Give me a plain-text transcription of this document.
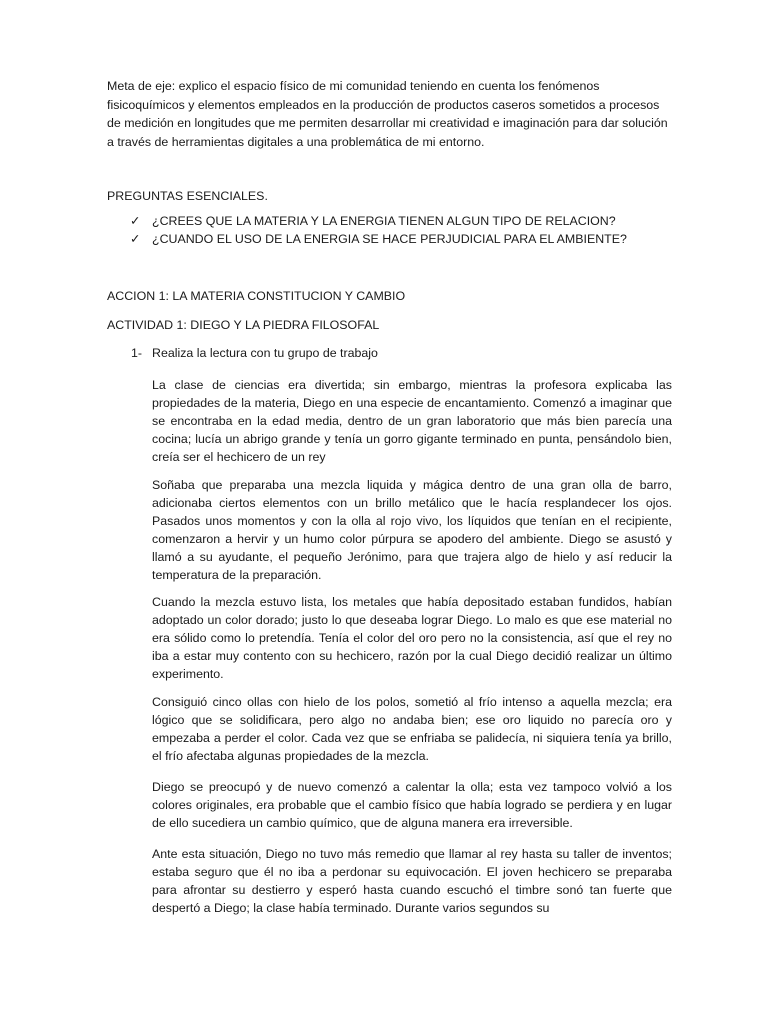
Meta de eje: explico el espacio físico de mi comunidad teniendo en cuenta los fenómenos fisicoquímicos y elementos empleados en la producción de productos caseros sometidos a procesos de medición en longitudes que me permiten desarrollar mi creatividad e imaginación para dar solución a través de herramientas digitales a una problemática de mi entorno.
PREGUNTAS ESENCIALES.
✓ ¿CREES QUE LA MATERIA Y LA ENERGIA TIENEN ALGUN TIPO DE RELACION?
✓ ¿CUANDO EL USO DE LA ENERGIA SE HACE PERJUDICIAL PARA EL AMBIENTE?
ACCION 1: LA MATERIA CONSTITUCION Y CAMBIO
ACTIVIDAD 1: DIEGO Y LA PIEDRA FILOSOFAL
1- Realiza la lectura con tu grupo de trabajo

La clase de ciencias era divertida; sin embargo, mientras la profesora explicaba las propiedades de la materia, Diego en una especie de encantamiento. Comenzó a imaginar que se encontraba en la edad media, dentro de un gran laboratorio que más bien parecía una cocina; lucía un abrigo grande y tenía un gorro gigante terminado en punta, pensándolo bien, creía ser el hechicero de un rey

Soñaba que preparaba una mezcla liquida y mágica dentro de una gran olla de barro, adicionaba ciertos elementos con un brillo metálico que le hacía resplandecer los ojos. Pasados unos momentos y con la olla al rojo vivo, los líquidos que tenían en el recipiente, comenzaron a hervir y un humo color púrpura se apodero del ambiente. Diego se asustó y llamó a su ayudante, el pequeño Jerónimo, para que trajera algo de hielo y así reducir la temperatura de la preparación.

Cuando la mezcla estuvo lista, los metales que había depositado estaban fundidos, habían adoptado un color dorado; justo lo que deseaba lograr Diego. Lo malo es que ese material no era sólido como lo pretendía. Tenía el color del oro pero no la consistencia, así que el rey no iba a estar muy contento con su hechicero, razón por la cual Diego decidió realizar un último experimento.

Consiguió cinco ollas con hielo de los polos, sometió al frío intenso a aquella mezcla; era lógico que se solidificara, pero algo no andaba bien; ese oro liquido no parecía oro y empezaba a perder el color. Cada vez que se enfriaba se palidecía, ni siquiera tenía ya brillo, el frío afectaba algunas propiedades de la mezcla.

Diego se preocupó y de nuevo comenzó a calentar la olla; esta vez tampoco volvió a los colores originales, era probable que el cambio físico que había logrado se perdiera y en lugar de ello sucediera un cambio químico, que de alguna manera era irreversible.

Ante esta situación, Diego no tuvo más remedio que llamar al rey hasta su taller de inventos; estaba seguro que él no iba a perdonar su equivocación. El joven hechicero se preparaba para afrontar su destierro y esperó hasta cuando escuchó el timbre sonó tan fuerte que despertó a Diego; la clase había terminado. Durante varios segundos su
